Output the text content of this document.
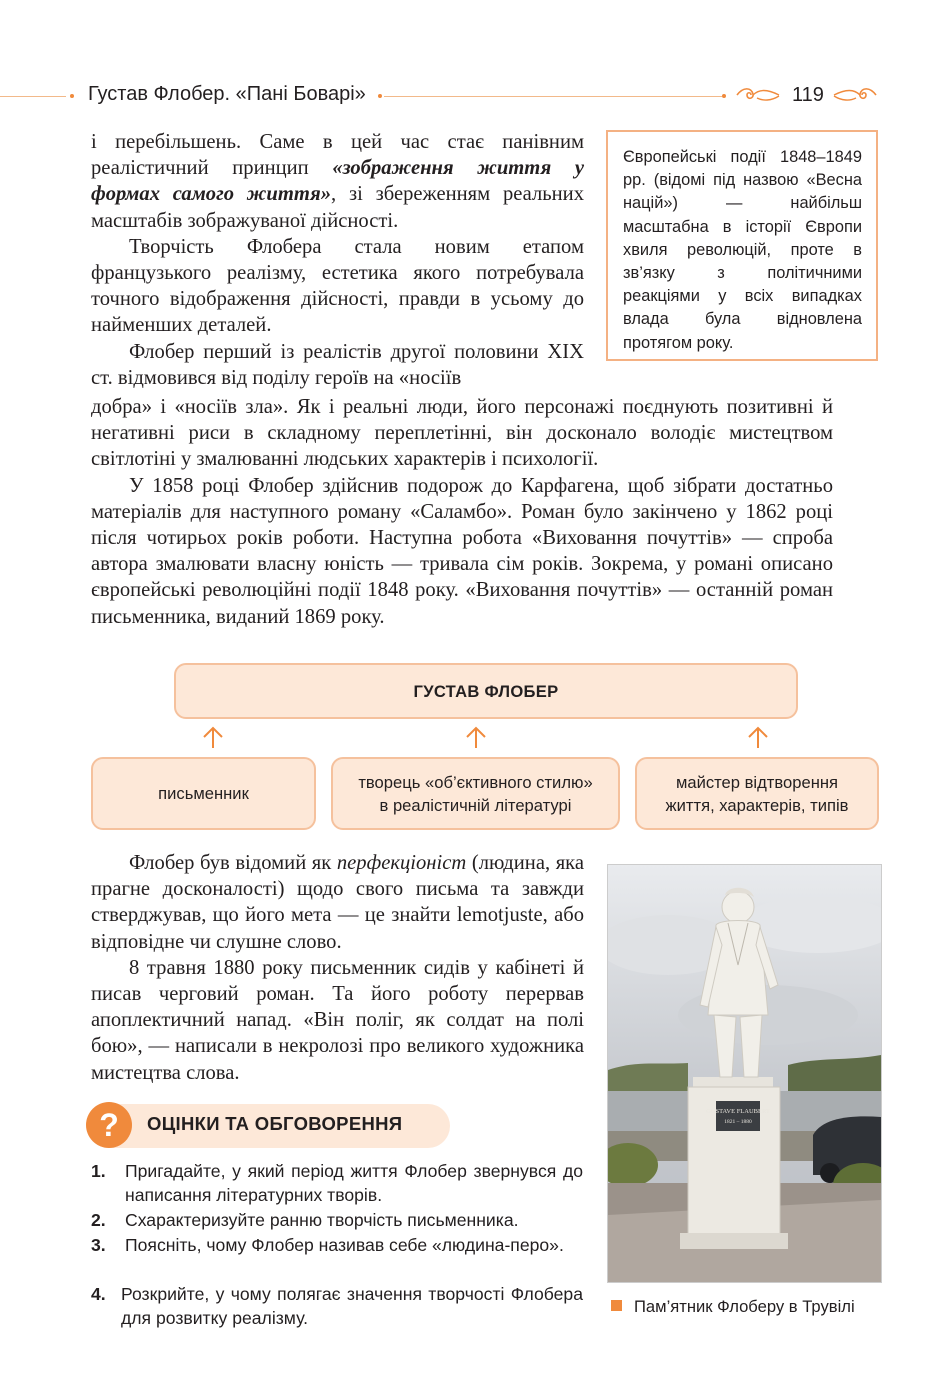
Густав Флобер. «Пані Боварі»	119

і перебільшень. Саме в цей час стає панівним реалістичний принцип «зображення життя у формах самого життя», зі збереженням реальних масштабів зображуваної дійсності.

Творчість Флобера стала новим етапом французького реалізму, естетика якого потребувала точного відображення дійсності, правди в усьому до найменших деталей.

Флобер перший із реалістів другої половини XIX ст. відмовився від поділу героїв на «носіїв

Європейські події 1848–1849 рр. (відомі під назвою «Весна націй») — найбільш масштабна в історії Європи хвиля революцій, проте в зв’язку з політичними реакціями у всіх випадках влада була відновлена протягом року.

добра» і «носіїв зла». Як і реальні люди, його персонажі поєднують позитивні й негативні риси в складному переплетінні, він досконало володіє мистецтвом світлотіні у змалюванні людських характерів і психології.

У 1858 році Флобер здійснив подорож до Карфагена, щоб зібрати достатньо матеріалів для наступного роману «Саламбо». Роман було закінчено у 1862 році після чотирьох років роботи. Наступна робота «Виховання почуттів» — спроба автора змалювати власну юність — тривала сім років. Зокрема, у романі описано європейські революційні події 1848 року. «Виховання почуттів» — останній роман письменника, виданий 1869 року.

ГУСТАВ ФЛОБЕР
письменник
творець «об’єктивного стилю»
в реалістичній літературі
майстер відтворення
життя, характерів, типів

Флобер був відомий як перфекціоніст (людина, яка прагне досконалості) щодо свого письма та завжди стверджував, що його мета — це знайти lemotjuste, або відповідне чи слушне слово.

8 травня 1880 року письменник сидів у кабінеті й писав черговий роман. Та його роботу перервав апоплектичний напад. «Він поліг, як солдат на полі бою», — написали в некролозі про великого художника мистецтва слова.

GUSTAVE FLAUBERT
1821 – 1880
Пам’ятник Флоберу в Трувілі
?	ОЦІНКИ ТА ОБГОВОРЕННЯ
1.	Пригадайте, у який період життя Флобер звернувся до написання літературних творів.
2.	Схарактеризуйте ранню творчість письменника.
3.	Поясніть, чому Флобер називав себе «людина-перо».
4. Розкрийте, у чому полягає значення творчості Флобера для розвитку реалізму.
